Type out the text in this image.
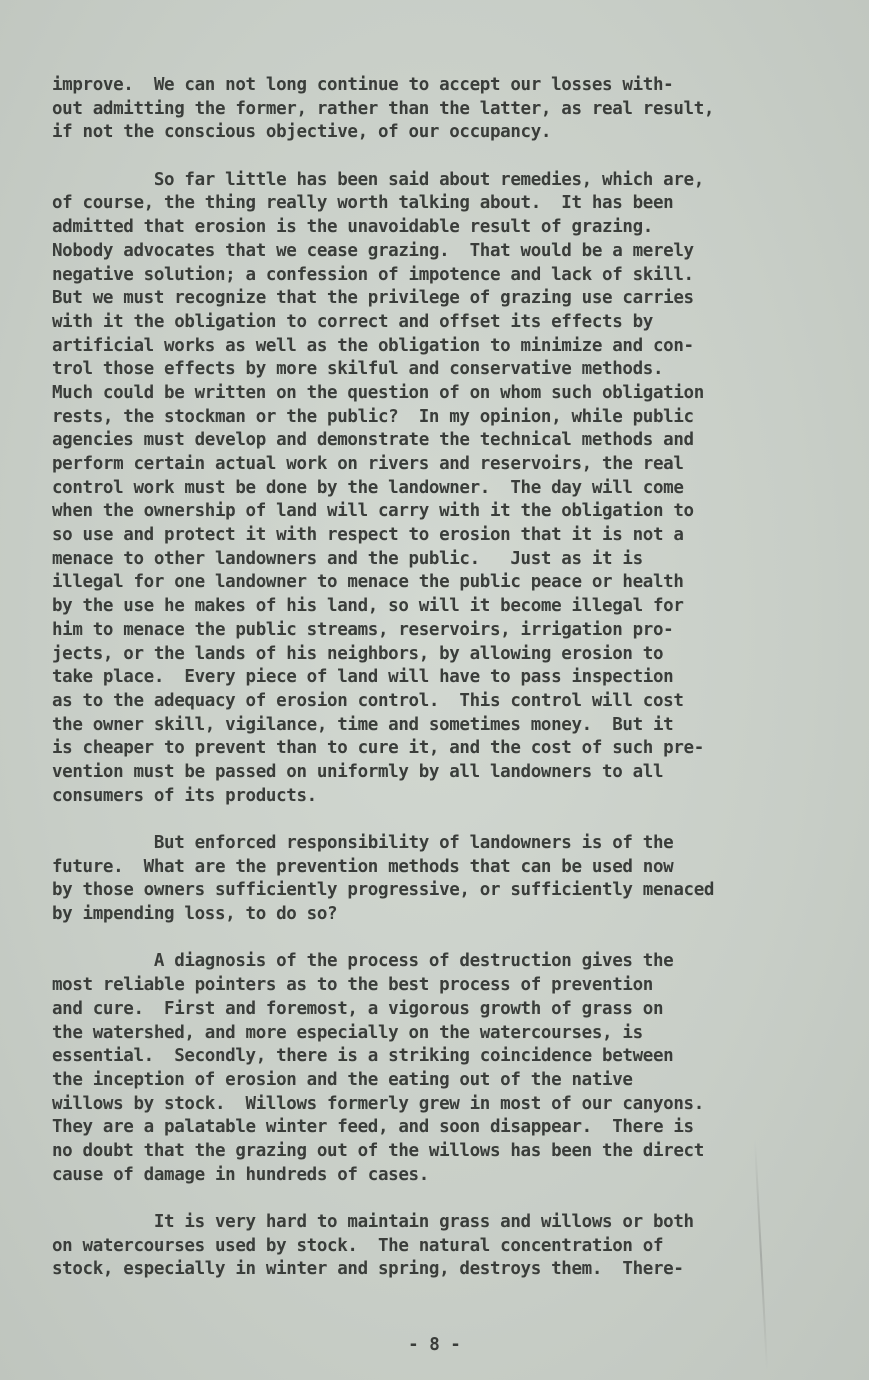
improve.  We can not long continue to accept our losses with-
out admitting the former, rather than the latter, as real result,
if not the conscious objective, of our occupancy.
So far little has been said about remedies, which are,
of course, the thing really worth talking about.  It has been
admitted that erosion is the unavoidable result of grazing.
Nobody advocates that we cease grazing.  That would be a merely
negative solution; a confession of impotence and lack of skill.
But we must recognize that the privilege of grazing use carries
with it the obligation to correct and offset its effects by
artificial works as well as the obligation to minimize and con-
trol those effects by more skilful and conservative methods.
Much could be written on the question of on whom such obligation
rests, the stockman or the public?  In my opinion, while public
agencies must develop and demonstrate the technical methods and
perform certain actual work on rivers and reservoirs, the real
control work must be done by the landowner.  The day will come
when the ownership of land will carry with it the obligation to
so use and protect it with respect to erosion that it is not a
menace to other landowners and the public.   Just as it is
illegal for one landowner to menace the public peace or health
by the use he makes of his land, so will it become illegal for
him to menace the public streams, reservoirs, irrigation pro-
jects, or the lands of his neighbors, by allowing erosion to
take place.  Every piece of land will have to pass inspection
as to the adequacy of erosion control.  This control will cost
the owner skill, vigilance, time and sometimes money.  But it
is cheaper to prevent than to cure it, and the cost of such pre-
vention must be passed on uniformly by all landowners to all
consumers of its products.
But enforced responsibility of landowners is of the
future.  What are the prevention methods that can be used now
by those owners sufficiently progressive, or sufficiently menaced
by impending loss, to do so?
A diagnosis of the process of destruction gives the
most reliable pointers as to the best process of prevention
and cure.  First and foremost, a vigorous growth of grass on
the watershed, and more especially on the watercourses, is
essential.  Secondly, there is a striking coincidence between
the inception of erosion and the eating out of the native
willows by stock.  Willows formerly grew in most of our canyons.
They are a palatable winter feed, and soon disappear.  There is
no doubt that the grazing out of the willows has been the direct
cause of damage in hundreds of cases.
It is very hard to maintain grass and willows or both
on watercourses used by stock.  The natural concentration of
stock, especially in winter and spring, destroys them.  There-
- 8 -
